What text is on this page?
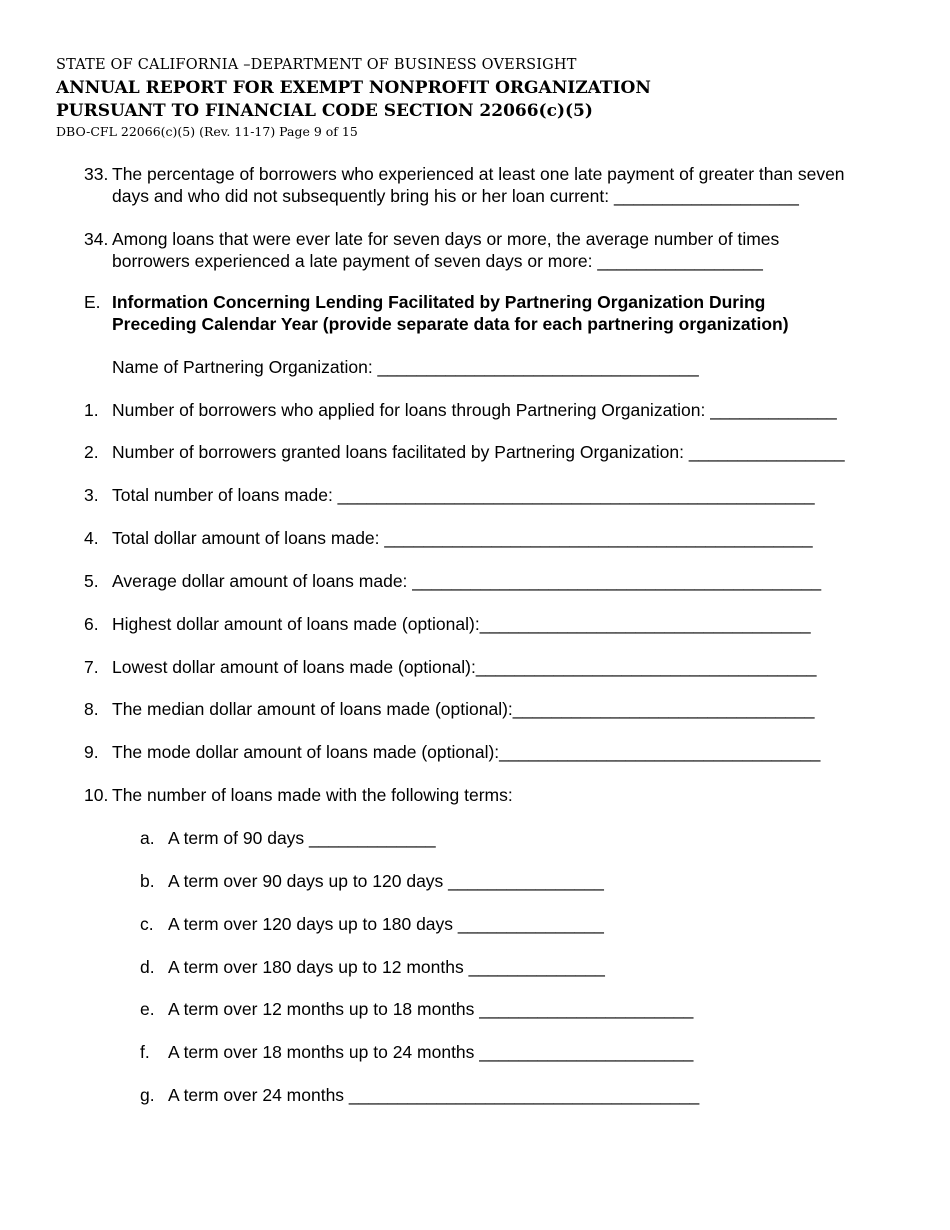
STATE OF CALIFORNIA –DEPARTMENT OF BUSINESS OVERSIGHT
ANNUAL REPORT FOR EXEMPT NONPROFIT ORGANIZATION
PURSUANT TO FINANCIAL CODE SECTION 22066(c)(5)
DBO-CFL 22066(c)(5) (Rev. 11-17) Page 9 of 15
33. The percentage of borrowers who experienced at least one late payment of greater than seven
days and who did not subsequently bring his or her loan current: ___________________
34. Among loans that were ever late for seven days or more, the average number of times
borrowers experienced a late payment of seven days or more: _________________
E. Information Concerning Lending Facilitated by Partnering Organization During
Preceding Calendar Year (provide separate data for each partnering organization)
Name of Partnering Organization: _________________________________
1. Number of borrowers who applied for loans through Partnering Organization: _____________
2. Number of borrowers granted loans facilitated by Partnering Organization: ________________
3. Total number of loans made: _________________________________________________
4. Total dollar amount of loans made: ____________________________________________
5. Average dollar amount of loans made: __________________________________________
6. Highest dollar amount of loans made (optional):__________________________________
7. Lowest dollar amount of loans made (optional):___________________________________
8. The median dollar amount of loans made (optional):_______________________________
9. The mode dollar amount of loans made (optional):_________________________________
10. The number of loans made with the following terms:
a. A term of 90 days _____________
b. A term over 90 days up to 120 days ________________
c. A term over 120 days up to 180 days _______________
d. A term over 180 days up to 12 months ______________
e. A term over 12 months up to 18 months ______________________
f. A term over 18 months up to 24 months ______________________
g. A term over 24 months ____________________________________
